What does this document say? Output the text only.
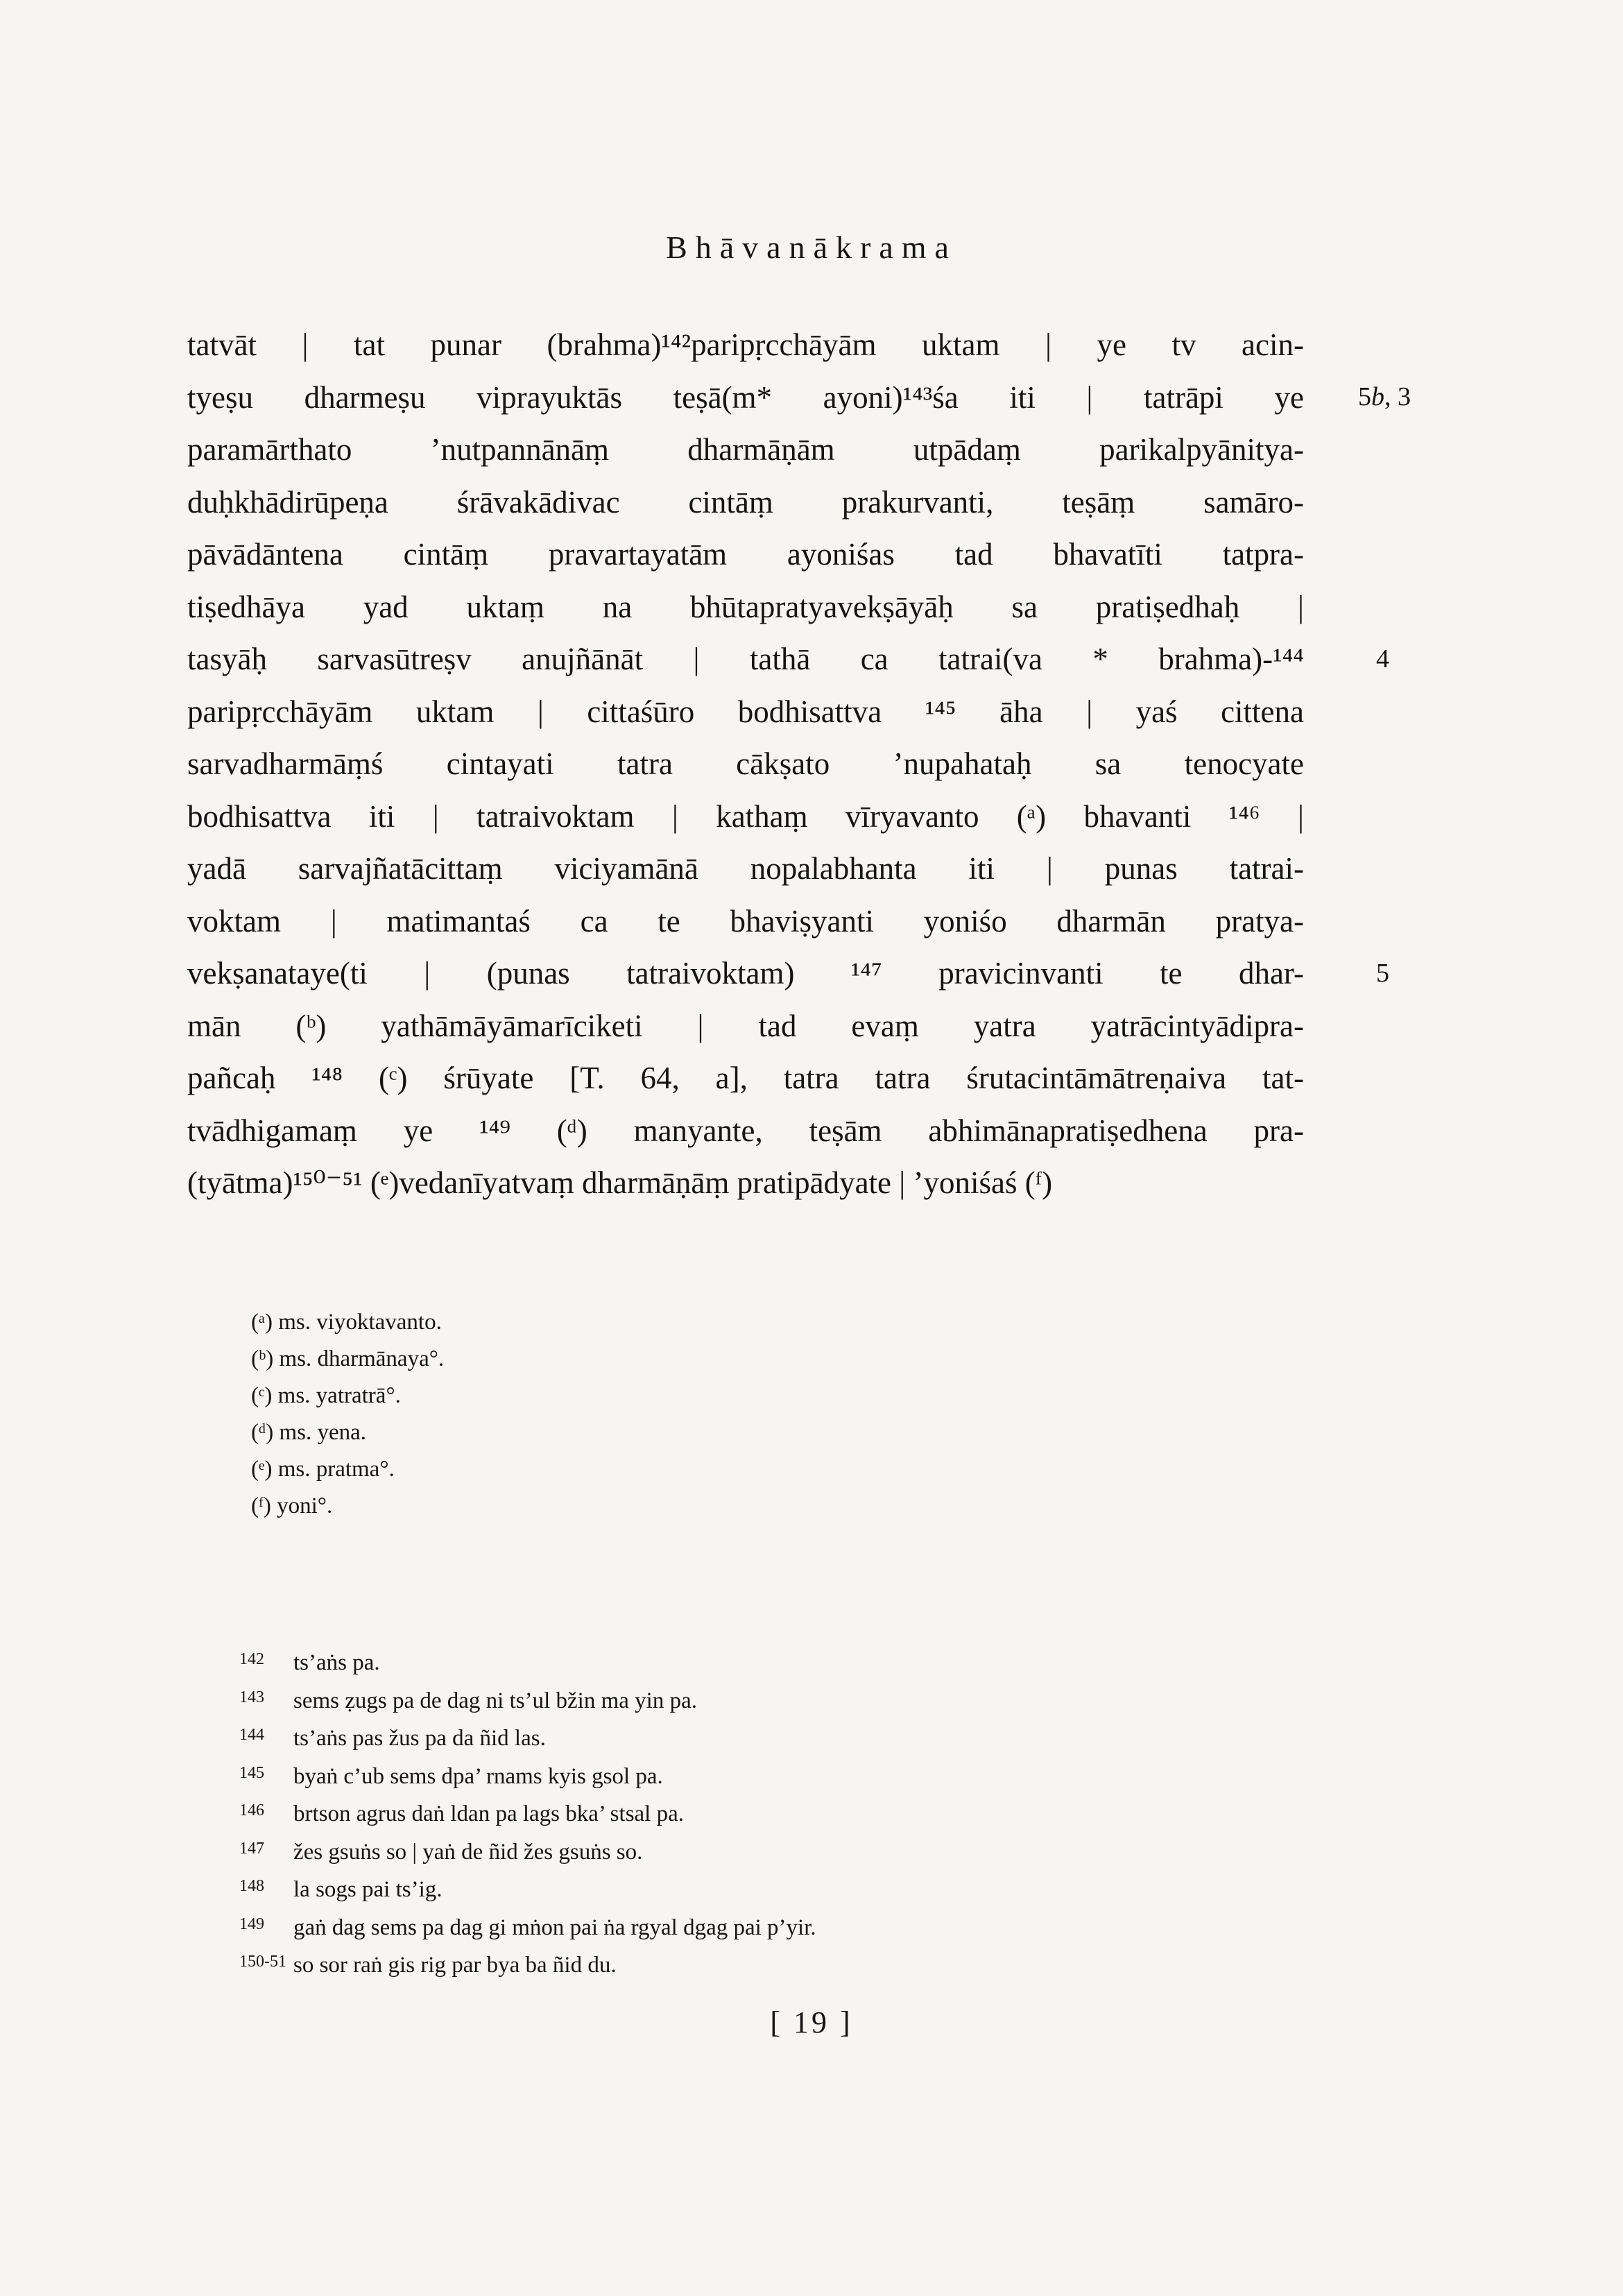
Bhāvanākrama
tatvāt | tat punar (brahma)¹⁴²paripṛcchāyām uktam | ye tv acin-
tyeṣu dharmeṣu viprayuktās teṣā(m* ayoni)¹⁴³śa iti | tatrāpi ye
paramārthato ’nutpannānāṃ dharmāṇām utpādaṃ parikalpyānitya-
duḥkhādirūpeṇa śrāvakādivac cintāṃ prakurvanti, teṣāṃ samāro-
pāvādāntena cintāṃ pravartayatām ayoniśas tad bhavatīti tatpra-
tiṣedhāya yad uktaṃ na bhūtapratyavekṣāyāḥ sa pratiṣedhaḥ |
tasyāḥ sarvasūtreṣv anujñānāt | tathā ca tatrai(va * brahma)-¹⁴⁴
paripṛcchāyām uktam | cittaśūro bodhisattva ¹⁴⁵ āha | yaś cittena
sarvadharmāṃś cintayati tatra cākṣato ’nupahataḥ sa tenocyate
bodhisattva iti | tatraivoktam | kathaṃ vīryavanto (ᵃ) bhavanti ¹⁴⁶ |
yadā sarvajñatācittaṃ viciyamānā nopalabhanta iti | punas tatrai-
voktam | matimantaś ca te bhaviṣyanti yoniśo dharmān pratya-
vekṣanataye(ti | (punas tatraivoktam) ¹⁴⁷ pravicinvanti te dhar-
mān (ᵇ) yathāmāyāmarīciketi | tad evaṃ yatra yatrācintyādipra-
pañcaḥ ¹⁴⁸ (ᶜ) śrūyate [T. 64, a], tatra tatra śrutacintāmātreṇaiva tat-
tvādhigamaṃ ye ¹⁴⁹ (ᵈ) manyante, teṣām abhimānapratiṣedhena pra-
(tyātma)¹⁵⁰⁻⁵¹ (ᵉ)vedanīyatvaṃ dharmāṇāṃ pratipādyate | ’yoniśaś (ᶠ)
5b, 3
4
5
(ᵃ) ms. viyoktavanto.
(ᵇ) ms. dharmānaya°.
(ᶜ) ms. yatratrā°.
(ᵈ) ms. yena.
(ᵉ) ms. pratma°.
(ᶠ) yoni°.
142 ts’aṅs pa.
143 sems ẓugs pa de dag ni ts’ul bžin ma yin pa.
144 ts’aṅs pas žus pa da ñid las.
145 byaṅ c’ub sems dpa’ rnams kyis gsol pa.
146 brtson agrus daṅ ldan pa lags bka’ stsal pa.
147 žes gsuṅs so | yaṅ de ñid žes gsuṅs so.
148 la sogs pai ts’ig.
149 gaṅ dag sems pa dag gi mṅon pai ṅa rgyal dgag pai p’yir.
150-51 so sor raṅ gis rig par bya ba ñid du.
[ 19 ]
